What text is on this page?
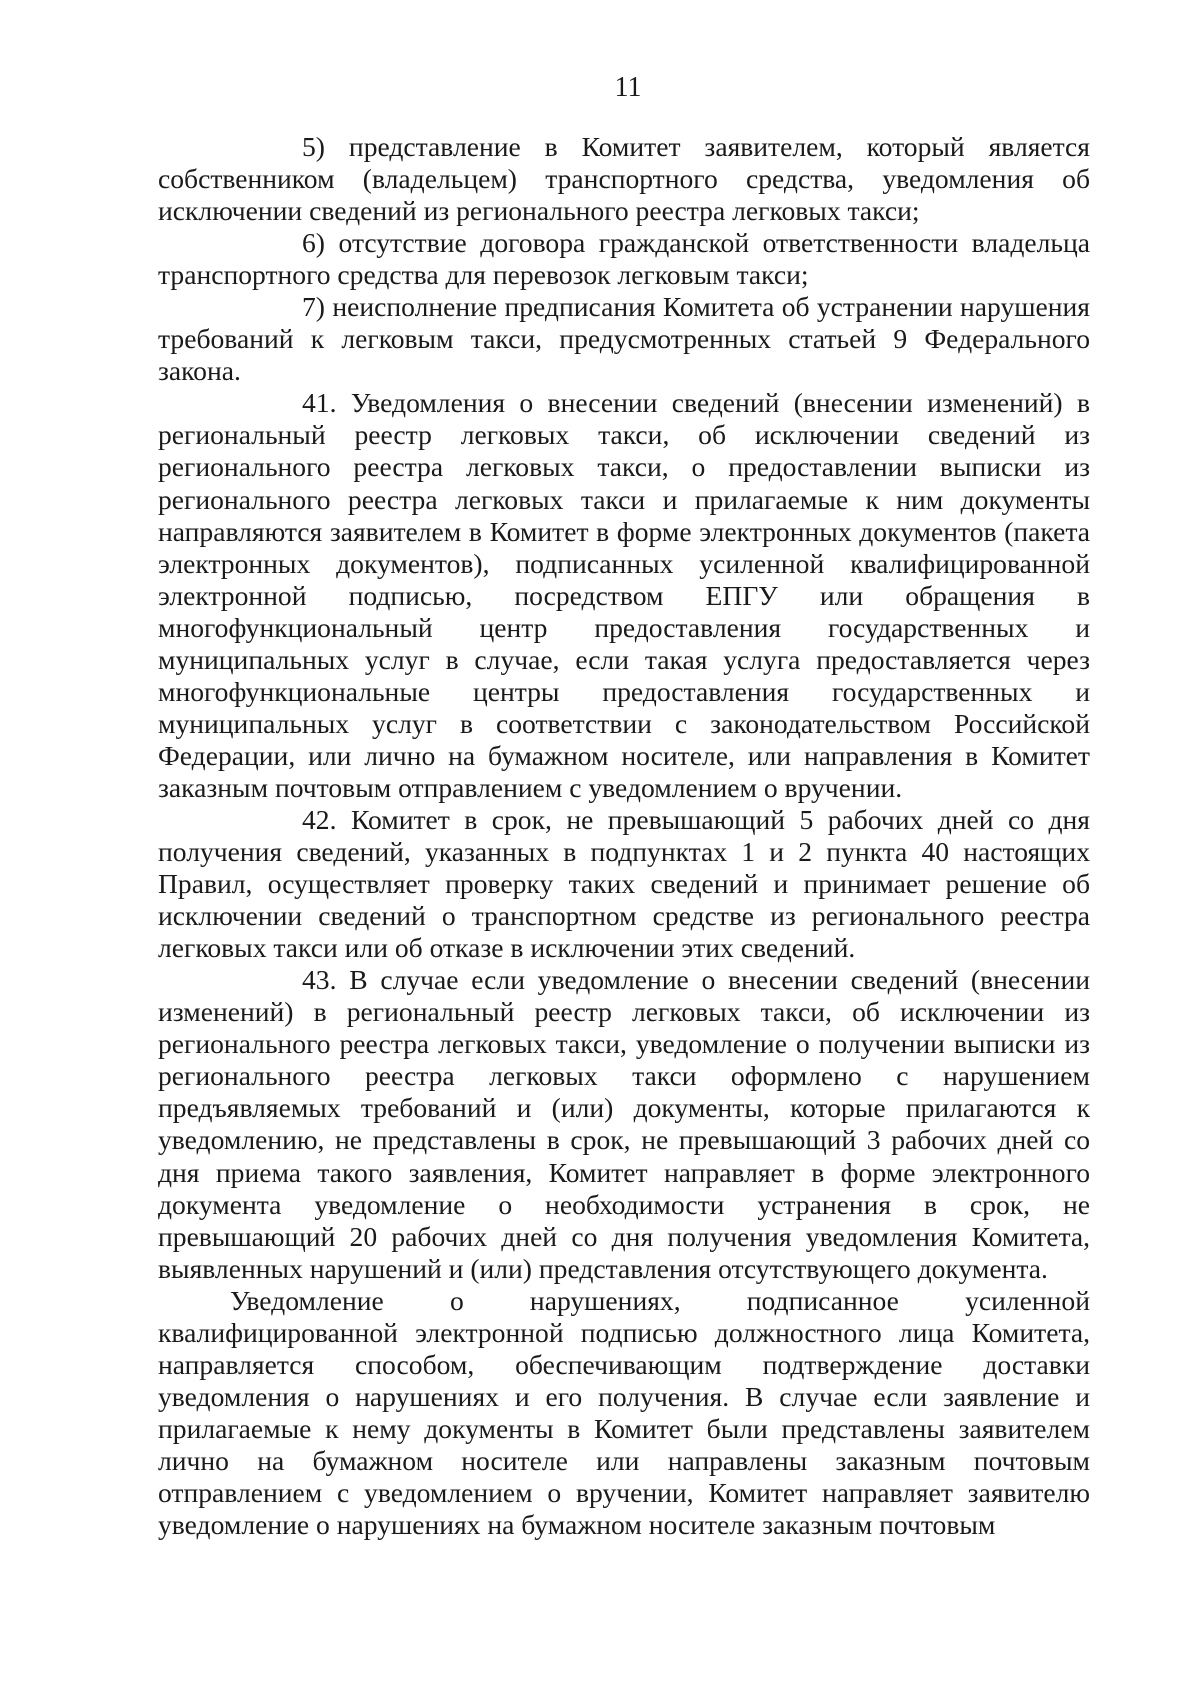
11

5) представление в Комитет заявителем, который является собственником (владельцем) транспортного средства, уведомления об исключении сведений из регионального реестра легковых такси;

6) отсутствие договора гражданской ответственности владельца транспортного средства для перевозок легковым такси;

7) неисполнение предписания Комитета об устранении нарушения требований к легковым такси, предусмотренных статьей 9 Федерального закона.

41. Уведомления о внесении сведений (внесении изменений) в региональный реестр легковых такси, об исключении сведений из регионального реестра легковых такси, о предоставлении выписки из регионального реестра легковых такси и прилагаемые к ним документы направляются заявителем в Комитет в форме электронных документов (пакета электронных документов), подписанных усиленной квалифицированной электронной подписью, посредством ЕПГУ или обращения в многофункциональный центр предоставления государственных и муниципальных услуг в случае, если такая услуга предоставляется через многофункциональные центры предоставления государственных и муниципальных услуг в соответствии с законодательством Российской Федерации, или лично на бумажном носителе, или направления в Комитет заказным почтовым отправлением с уведомлением о вручении.

42. Комитет в срок, не превышающий 5 рабочих дней со дня получения сведений, указанных в подпунктах 1 и 2 пункта 40 настоящих Правил, осуществляет проверку таких сведений и принимает решение об исключении сведений о транспортном средстве из регионального реестра легковых такси или об отказе в исключении этих сведений.

43. В случае если уведомление о внесении сведений (внесении изменений) в региональный реестр легковых такси, об исключении из регионального реестра легковых такси, уведомление о получении выписки из регионального реестра легковых такси оформлено с нарушением предъявляемых требований и (или) документы, которые прилагаются к уведомлению, не представлены в срок, не превышающий 3 рабочих дней со дня приема такого заявления, Комитет направляет в форме электронного документа уведомление о необходимости устранения в срок, не превышающий 20 рабочих дней со дня получения уведомления Комитета, выявленных нарушений и (или) представления отсутствующего документа.

Уведомление о нарушениях, подписанное усиленной квалифицированной электронной подписью должностного лица Комитета, направляется способом, обеспечивающим подтверждение доставки уведомления о нарушениях и его получения. В случае если заявление и прилагаемые к нему документы в Комитет были представлены заявителем лично на бумажном носителе или направлены заказным почтовым отправлением с уведомлением о вручении, Комитет направляет заявителю уведомление о нарушениях на бумажном носителе заказным почтовым
